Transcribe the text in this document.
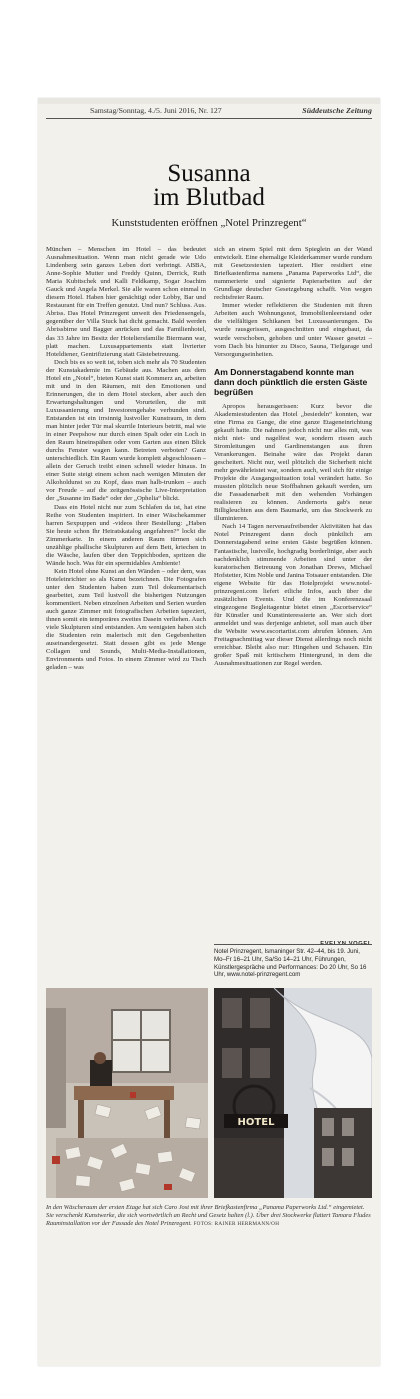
Samstag/Sonntag, 4./5. Juni 2016, Nr. 127	Süddeutsche Zeitung
Susanna
im Blutbad
Kunststudenten eröffnen „Notel Prinzregent“

München – Menschen im Hotel – das bedeutet Ausnahmesituation. Wenn man nicht gerade wie Udo Lindenberg sein ganzes Leben dort verbringt. ABBA, Anne-Sophie Mutter und Freddy Quinn, Derrick, Ruth Maria Kubitschek und Kalli Feldkamp, Sogar Joachim Gauck und Angela Merkel. Sie alle waren schon einmal in diesem Hotel. Haben hier genächtigt oder Lobby, Bar und Restaurant für ein Treffen genutzt. Und nun? Schluss. Aus. Abriss. Das Hotel Prinzregent unweit des Friedensengels, gegenüber der Villa Stuck hat dicht gemacht. Bald werden Abrissbirne und Bagger anrücken und das Familienhotel, das 33 Jahre im Besitz der Hoteliersfamilie Biermann war, platt machen. Luxusappartements statt livrierter Hoteldiener, Gentrifizierung statt Gästebetreuung.

Doch bis es so weit ist, toben sich mehr als 70 Studenten der Kunstakademie im Gebäude aus. Machen aus dem Hotel ein „Notel“, bieten Kunst statt Kommerz an, arbeiten mit und in den Räumen, mit den Emotionen und Erinnerungen, die in dem Hotel stecken, aber auch den Erwartungshaltungen und Vorurteilen, die mit Luxussanierung und Investorengehabe verbunden sind. Entstanden ist ein irrsinnig lustvoller Kunstraum, in dem man hinter jeder Tür mal skurrile Interieurs betritt, mal wie in einer Peepshow nur durch einen Spalt oder ein Loch in den Raum hineinspähen oder vom Garten aus einen Blick durchs Fenster wagen kann. Betreten verboten? Ganz unterschiedlich. Ein Raum wurde komplett abgeschlossen – allein der Geruch treibt einen schnell wieder hinaus. In einer Suite steigt einem schon nach wenigen Minuten der Alkoholdunst so zu Kopf, dass man halb-trunken – auch vor Freude – auf die zeitgenössische Live-Interpretation der „Susanne im Bade“ oder der „Ophelia“ blickt.

Dass ein Hotel nicht nur zum Schlafen da ist, hat eine Reihe von Studenten inspiriert. In einer Wäschekammer harren Sexpuppen und -videos ihrer Bestellung: „Haben Sie heute schon Ihr Heiratskatalog angefahren?“ lockt die Zimmerkarte. In einem anderen Raum türmen sich unzählige phallische Skulpturen auf dem Bett, kriechen in die Wäsche, laufen über den Teppichboden, spritzen die Wände hoch. Was für ein spermidables Ambiente!

Kein Hotel ohne Kunst an den Wänden – oder dem, was Hoteleinrichter so als Kunst bezeichnen. Die Fotografen unter den Studenten haben zum Teil dokumentarisch gearbeitet, zum Teil lustvoll die bisherigen Nutzungen kommentiert. Neben einzelnen Arbeiten und Serien wurden auch ganze Zimmer mit fotografischen Arbeiten tapeziert, ihnen somit ein temporäres zweites Dasein verliehen. Auch viele Skulpturen sind entstanden. Am wenigsten haben sich die Studenten rein malerisch mit den Gegebenheiten auseinandergesetzt. Statt dessen gibt es jede Menge Collagen und Sounds, Multi-Media-Installationen, Environments und Fotos. In einem Zimmer wird zu Tisch geladen – was

sich an einem Spiel mit dem Spieglein an der Wand entwickelt. Eine ehemalige Kleiderkammer wurde rundum mit Gesetzestexten tapeziert. Hier residiert eine Briefkastenfirma namens „Panama Paperworks Ltd“, die nummerierte und signierte Papierarbeiten auf der Grundlage deutscher Gesetzgebung schafft. Von wegen rechtsfreier Raum.

Immer wieder reflektieren die Studenten mit ihren Arbeiten auch Wohnungsnot, Immobilienleerstand oder die vielfältigen Schikanen bei Luxussanierungen. Da wurde rausgerissen, ausgeschnitten und eingebaut, da wurde verschoben, gehoben und unter Wasser gesetzt – vom Dach bis hinunter zu Disco, Sauna, Tiefgarage und Versorgungseinheiten.

Am Donnerstagabend konnte man dann doch pünktlich die ersten Gäste begrüßen

Apropos herausgerissen: Kurz bevor die Akademiestudenten das Hotel „besiedeln“ konnten, war eine Firma zu Gange, die eine ganze Etageneinrichtung gekauft hatte. Die nahmen jedoch nicht nur alles mit, was nicht niet- und nagelfest war, sondern rissen auch Stromleitungen und Gardinenstangen aus ihren Verankerungen. Beinahe wäre das Projekt daran gescheitert. Nicht nur, weil plötzlich die Sicherheit nicht mehr gewährleistet war, sondern auch, weil sich für einige Projekte die Ausgangssituation total verändert hatte. So mussten plötzlich neue Stoffbahnen gekauft werden, um die Fassadenarbeit mit den wehenden Vorhängen realisieren zu können. Andernorts gab's neue Billigleuchten aus dem Baumarkt, um das Stockwerk zu illuminieren.

Nach 14 Tagen nervenaufreibender Aktivitäten hat das Notel Prinzregent dann doch pünktlich am Donnerstagabend seine ersten Gäste begrüßen können. Fantastische, lustvolle, hochgradig borderlinige, aber auch nachdenklich stimmende Arbeiten sind unter der kuratorischen Betreuung von Jonathan Drews, Michael Hofstetter, Kim Noble und Janina Totsauer entstanden. Die eigene Website für das Hotelprojekt www.notel-prinzregent.com liefert etliche Infos, auch über die zusätzlichen Events. Und die im Konferenzsaal eingezogene Begleitagentur bietet einen „Escortservice“ für Künstler und Kunstinteressierte an. Wer sich dort anmeldet und was derjenige anbietet, soll man auch über die Website www.escortartist.com abrufen können. Am Freitagnachmittag war dieser Dienst allerdings noch nicht erreichbar. Bleibt also nur: Hingehen und Schauen. Ein großer Spaß mit kritischem Hintergrund, in dem die Ausnahmesituationen zur Regel werden.

EVELYN VOGEL
Notel Prinzregent, Ismaninger Str. 42–44, bis 19. Juni, Mo–Fr 16–21 Uhr, Sa/So 14–21 Uhr, Führungen, Künstlergespräche und Performances: Do 20 Uhr, So 16 Uhr, www.notel-prinzregent.com
HOTEL
In den Wäscheraum der ersten Etage hat sich Caro Jost mit ihrer Briefkastenfirma „Panama Paperworks Ltd.“ eingemietet. Sie verschenkt Kunstwerke, die sich wortwörtlich an Recht und Gesetz halten (l.). Über drei Stockwerke flattert Tamara Fludes Rauminstallation vor der Fassade des Notel Prinzregent. FOTOS: RAINER HERRMANN/OH
